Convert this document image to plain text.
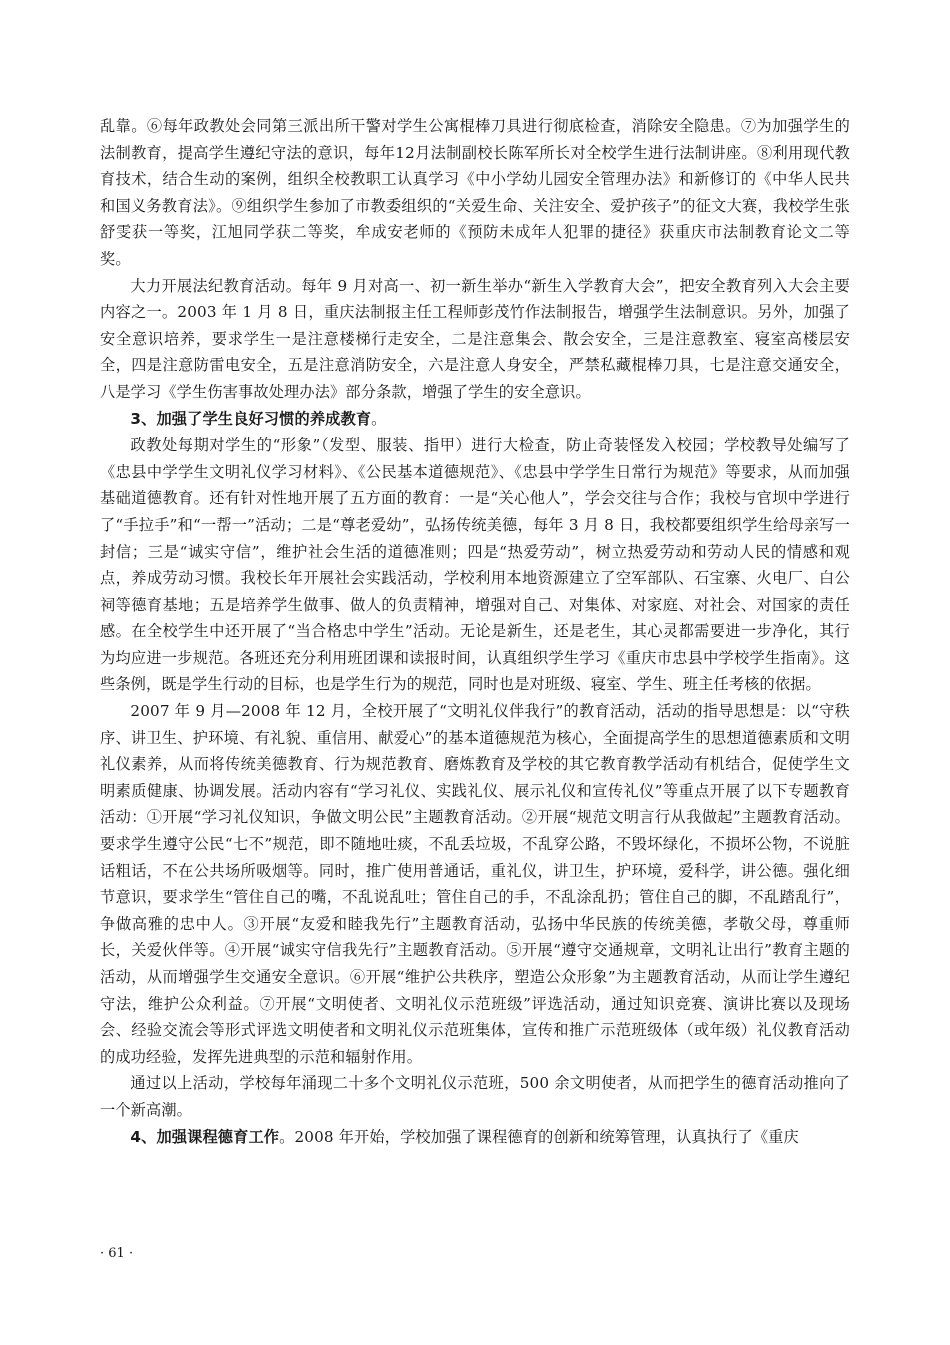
乱靠。⑥每年政教处会同第三派出所干警对学生公寓棍棒刀具进行彻底检查，消除安全隐患。⑦为加强学生的法制教育，提高学生遵纪守法的意识，每年12月法制副校长陈军所长对全校学生进行法制讲座。⑧利用现代教育技术，结合生动的案例，组织全校教职工认真学习《中小学幼儿园安全管理办法》和新修订的《中华人民共和国义务教育法》。⑨组织学生参加了市教委组织的“关爱生命、关注安全、爱护孩子”的征文大赛，我校学生张舒雯获一等奖，江旭同学获二等奖，牟成安老师的《预防未成年人犯罪的捷径》获重庆市法制教育论文二等奖。

大力开展法纪教育活动。每年 9 月对高一、初一新生举办“新生入学教育大会”，把安全教育列入大会主要内容之一。2003 年 1 月 8 日，重庆法制报主任工程师彭茂竹作法制报告，增强学生法制意识。另外，加强了安全意识培养，要求学生一是注意楼梯行走安全，二是注意集会、散会安全，三是注意教室、寝室高楼层安全，四是注意防雷电安全，五是注意消防安全，六是注意人身安全，严禁私藏棍棒刀具，七是注意交通安全，八是学习《学生伤害事故处理办法》部分条款，增强了学生的安全意识。

3、加强了学生良好习惯的养成教育。

政教处每期对学生的“形象”（发型、服装、指甲）进行大检查，防止奇装怪发入校园；学校教导处编写了《忠县中学学生文明礼仪学习材料》、《公民基本道德规范》、《忠县中学学生日常行为规范》等要求，从而加强基础道德教育。还有针对性地开展了五方面的教育：一是“关心他人”，学会交往与合作；我校与官坝中学进行了“手拉手”和“一帮一”活动；二是“尊老爱幼”，弘扬传统美德，每年 3 月 8 日，我校都要组织学生给母亲写一封信；三是“诚实守信”，维护社会生活的道德准则；四是“热爱劳动”，树立热爱劳动和劳动人民的情感和观点，养成劳动习惯。我校长年开展社会实践活动，学校利用本地资源建立了空军部队、石宝寨、火电厂、白公祠等德育基地；五是培养学生做事、做人的负责精神，增强对自己、对集体、对家庭、对社会、对国家的责任感。在全校学生中还开展了“当合格忠中学生”活动。无论是新生，还是老生，其心灵都需要进一步净化，其行为均应进一步规范。各班还充分利用班团课和读报时间，认真组织学生学习《重庆市忠县中学校学生指南》。这些条例，既是学生行动的目标，也是学生行为的规范，同时也是对班级、寝室、学生、班主任考核的依据。

2007 年 9 月—2008 年 12 月，全校开展了“文明礼仪伴我行”的教育活动，活动的指导思想是：以“守秩序、讲卫生、护环境、有礼貌、重信用、献爱心”的基本道德规范为核心，全面提高学生的思想道德素质和文明礼仪素养，从而将传统美德教育、行为规范教育、磨炼教育及学校的其它教育教学活动有机结合，促使学生文明素质健康、协调发展。活动内容有“学习礼仪、实践礼仪、展示礼仪和宣传礼仪”等重点开展了以下专题教育活动：①开展“学习礼仪知识，争做文明公民”主题教育活动。②开展“规范文明言行从我做起”主题教育活动。要求学生遵守公民“七不”规范，即不随地吐痰，不乱丢垃圾，不乱穿公路，不毁坏绿化，不损坏公物，不说脏话粗话，不在公共场所吸烟等。同时，推广使用普通话，重礼仪，讲卫生，护环境，爱科学，讲公德。强化细节意识，要求学生“管住自己的嘴，不乱说乱吐；管住自己的手，不乱涂乱扔；管住自己的脚，不乱踏乱行”，争做高雅的忠中人。③开展“友爱和睦我先行”主题教育活动，弘扬中华民族的传统美德，孝敬父母，尊重师长，关爱伙伴等。④开展“诚实守信我先行”主题教育活动。⑤开展“遵守交通规章，文明礼让出行”教育主题的活动，从而增强学生交通安全意识。⑥开展“维护公共秩序，塑造公众形象”为主题教育活动，从而让学生遵纪守法，维护公众利益。⑦开展“文明使者、文明礼仪示范班级”评选活动，通过知识竞赛、演讲比赛以及现场会、经验交流会等形式评选文明使者和文明礼仪示范班集体，宣传和推广示范班级体（或年级）礼仪教育活动的成功经验，发挥先进典型的示范和辐射作用。

通过以上活动，学校每年涌现二十多个文明礼仪示范班，500 余文明使者，从而把学生的德育活动推向了一个新高潮。

4、加强课程德育工作。2008 年开始，学校加强了课程德育的创新和统筹管理，认真执行了《重庆

· 61 ·
